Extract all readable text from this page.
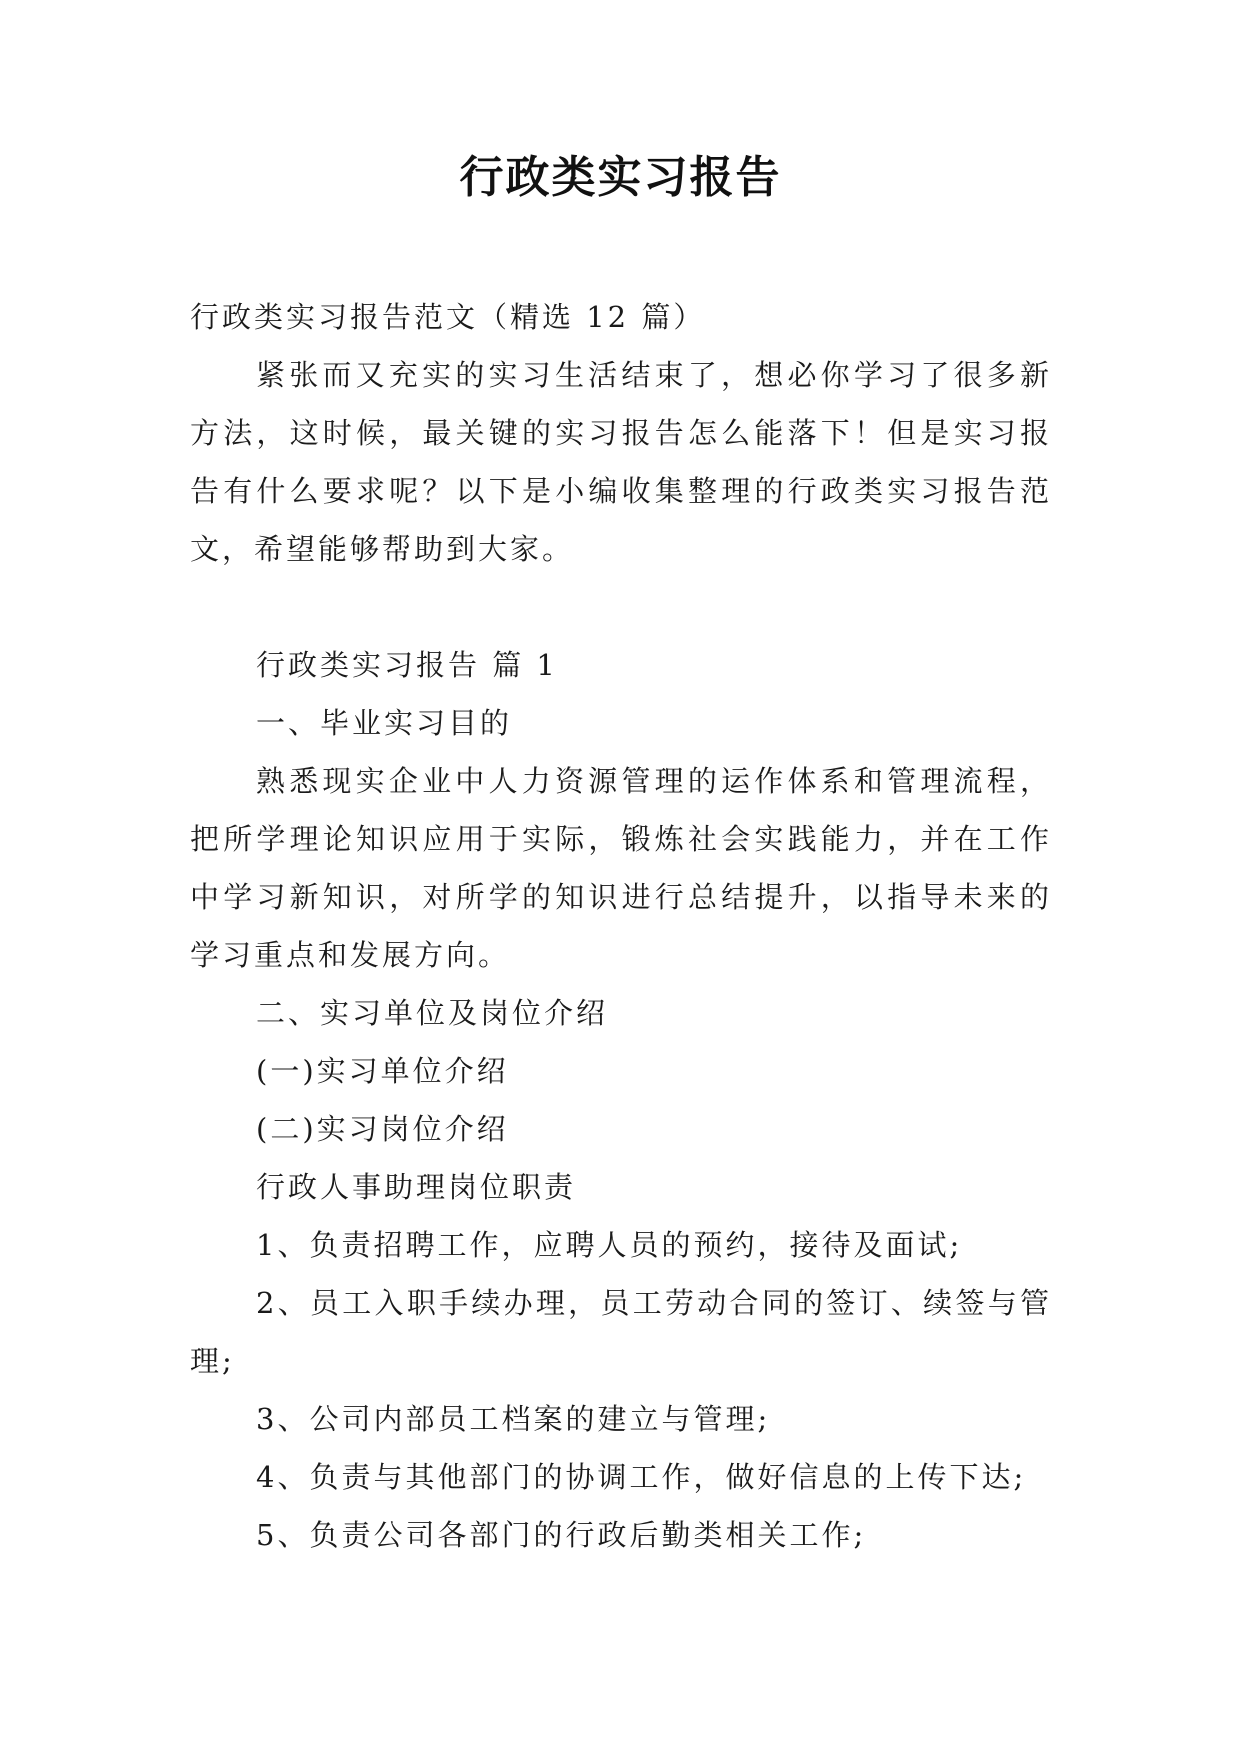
行政类实习报告

行政类实习报告范文（精选 12 篇）

紧张而又充实的实习生活结束了，想必你学习了很多新方法，这时候，最关键的实习报告怎么能落下！但是实习报告有什么要求呢？以下是小编收集整理的行政类实习报告范文，希望能够帮助到大家。

行政类实习报告 篇 1

一、毕业实习目的

熟悉现实企业中人力资源管理的运作体系和管理流程，把所学理论知识应用于实际，锻炼社会实践能力，并在工作中学习新知识，对所学的知识进行总结提升，以指导未来的学习重点和发展方向。

二、实习单位及岗位介绍

(一)实习单位介绍

(二)实习岗位介绍

行政人事助理岗位职责

1、负责招聘工作，应聘人员的预约，接待及面试;

2、员工入职手续办理，员工劳动合同的签订、续签与管理;

3、公司内部员工档案的建立与管理;

4、负责与其他部门的协调工作，做好信息的上传下达;

5、负责公司各部门的行政后勤类相关工作;
